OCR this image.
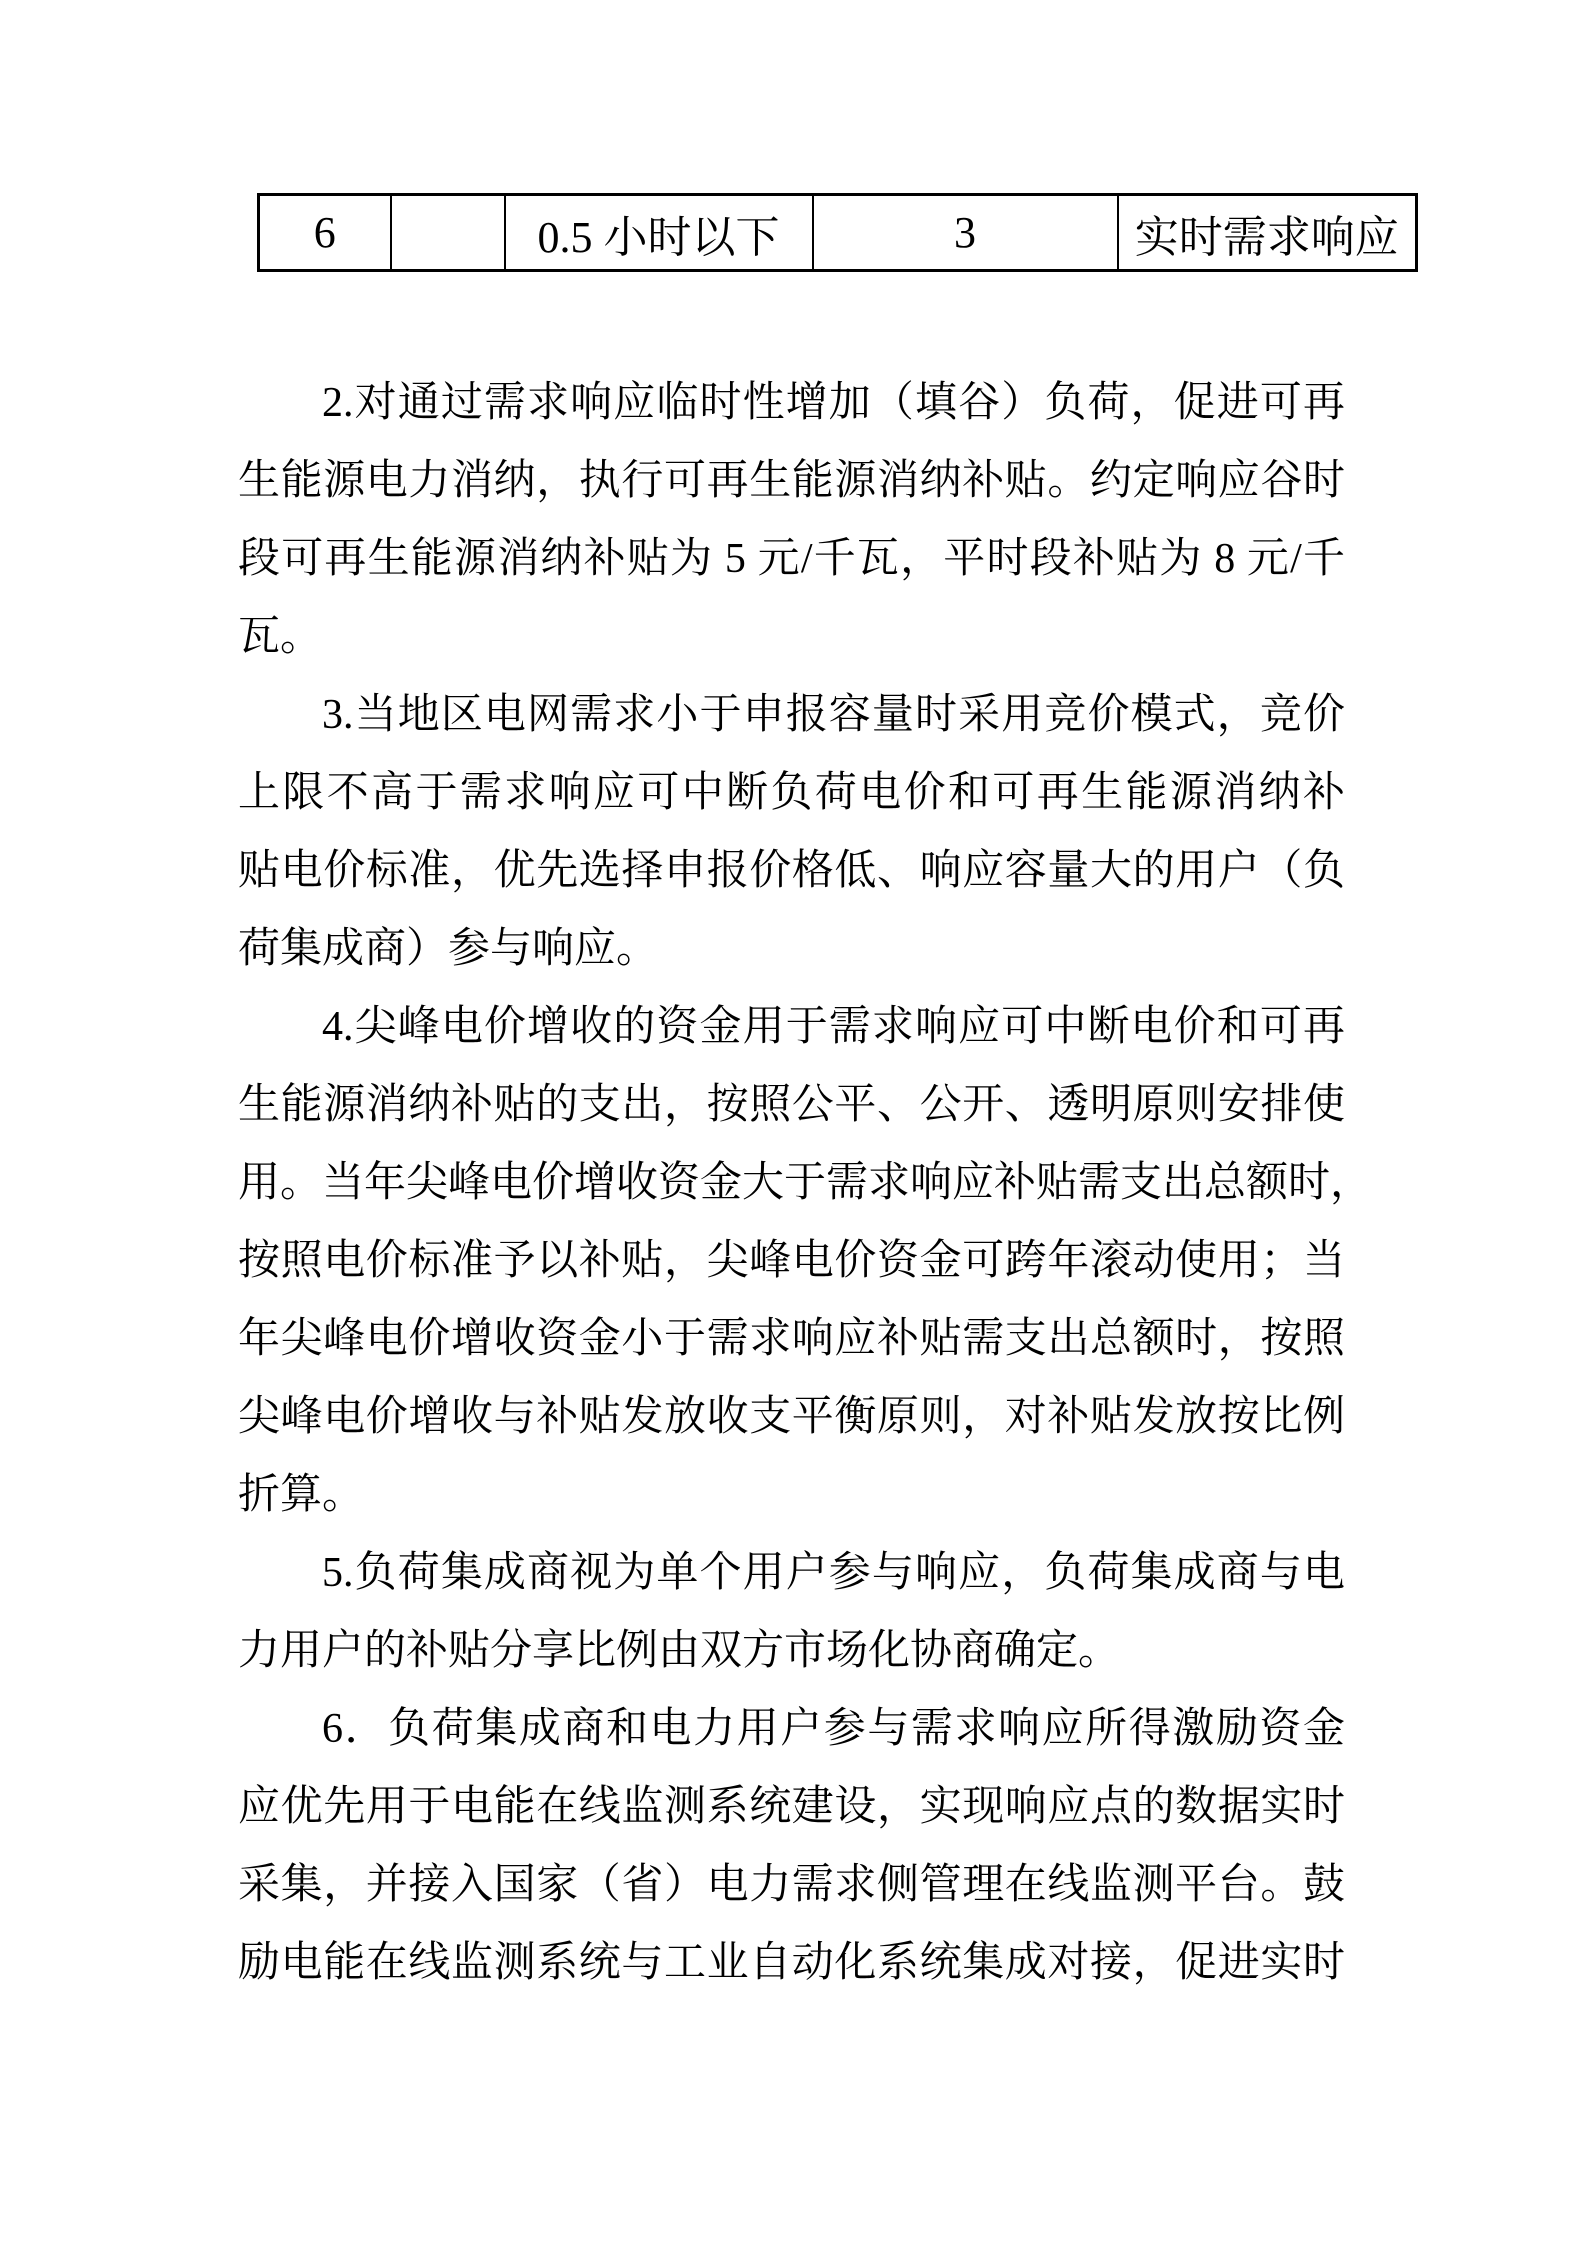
6		0.5 小时以下	3	实时需求响应
2.对通过需求响应临时性增加（填谷）负荷，促进可再
生能源电力消纳，执行可再生能源消纳补贴。约定响应谷时
段可再生能源消纳补贴为 5 元/千瓦，平时段补贴为 8 元/千
瓦。
3.当地区电网需求小于申报容量时采用竞价模式，竞价
上限不高于需求响应可中断负荷电价和可再生能源消纳补
贴电价标准，优先选择申报价格低、响应容量大的用户（负
荷集成商）参与响应。
4.尖峰电价增收的资金用于需求响应可中断电价和可再
生能源消纳补贴的支出，按照公平、公开、透明原则安排使
用。当年尖峰电价增收资金大于需求响应补贴需支出总额时，
按照电价标准予以补贴，尖峰电价资金可跨年滚动使用；当
年尖峰电价增收资金小于需求响应补贴需支出总额时，按照
尖峰电价增收与补贴发放收支平衡原则，对补贴发放按比例
折算。
5.负荷集成商视为单个用户参与响应，负荷集成商与电
力用户的补贴分享比例由双方市场化协商确定。
6．负荷集成商和电力用户参与需求响应所得激励资金
应优先用于电能在线监测系统建设，实现响应点的数据实时
采集，并接入国家（省）电力需求侧管理在线监测平台。鼓
励电能在线监测系统与工业自动化系统集成对接，促进实时
